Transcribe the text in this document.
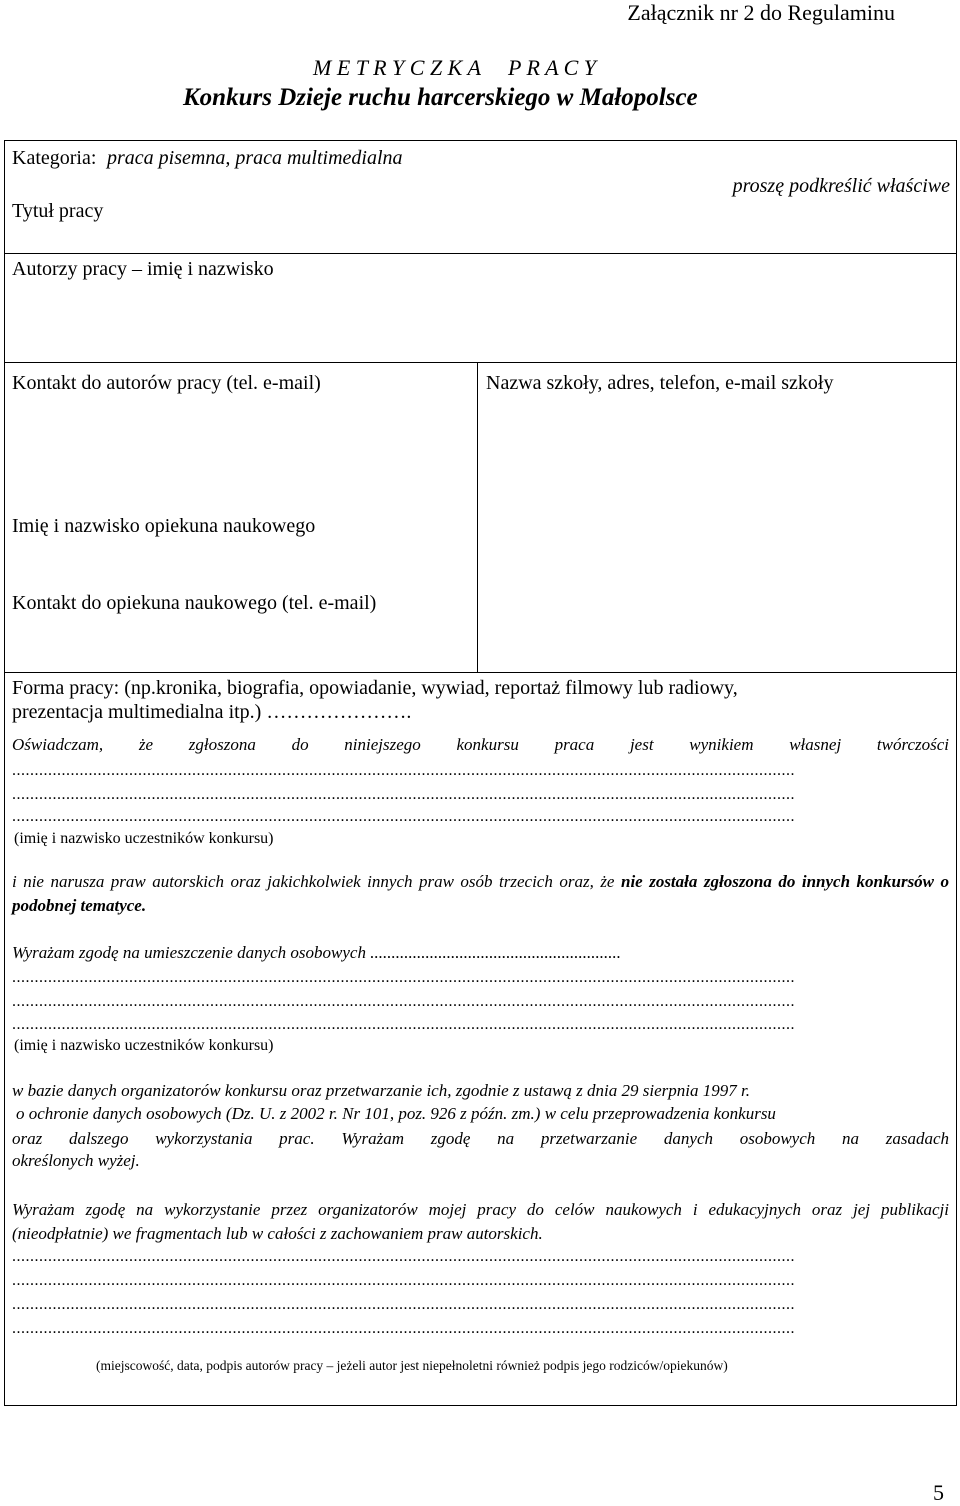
Załącznik nr 2 do Regulaminu
M E T R Y C Z K A     P R A C Y
Konkurs Dzieje ruchu harcerskiego w Małopolsce
Kategoria: praca pisemna, praca multimedialna
proszę podkreślić właściwe
Tytuł pracy
Autorzy pracy – imię i nazwisko
Kontakt do autorów pracy (tel. e-mail)	Nazwa szkoły, adres, telefon, e-mail szkoły
Imię i nazwisko opiekuna naukowego
Kontakt do opiekuna naukowego (tel. e-mail)
Forma pracy: (np.kronika, biografia, opowiadanie, wywiad, reportaż filmowy lub radiowy,
prezentacja multimedialna itp.) ………………….
Oświadczam, że zgłoszona do niniejszego konkursu praca jest wynikiem własnej twórczości
..............................................................................................................................................................................
..............................................................................................................................................................................
..............................................................................................................................................................................
(imię i nazwisko uczestników konkursu)
i nie narusza praw autorskich oraz jakichkolwiek innych praw osób trzecich oraz, że nie została zgłoszona do innych konkursów o podobnej tematyce.
Wyrażam zgodę na umieszczenie danych osobowych ...........................................................
..............................................................................................................................................................................
..............................................................................................................................................................................
..............................................................................................................................................................................
(imię i nazwisko uczestników konkursu)
w bazie danych organizatorów konkursu oraz przetwarzanie ich, zgodnie z ustawą z dnia 29 sierpnia 1997 r.
o ochronie danych osobowych (Dz. U. z 2002 r. Nr 101, poz. 926 z późn. zm.) w celu przeprowadzenia konkursu
oraz dalszego wykorzystania prac. Wyrażam zgodę na przetwarzanie danych osobowych na zasadach
określonych wyżej.
Wyrażam zgodę na wykorzystanie przez organizatorów mojej pracy do celów naukowych i edukacyjnych oraz jej publikacji (nieodpłatnie) we fragmentach lub w całości z zachowaniem praw autorskich.
..............................................................................................................................................................................
..............................................................................................................................................................................
..............................................................................................................................................................................
..............................................................................................................................................................................
(miejscowość, data, podpis autorów pracy – jeżeli autor jest niepełnoletni również podpis jego rodziców/opiekunów)
5
